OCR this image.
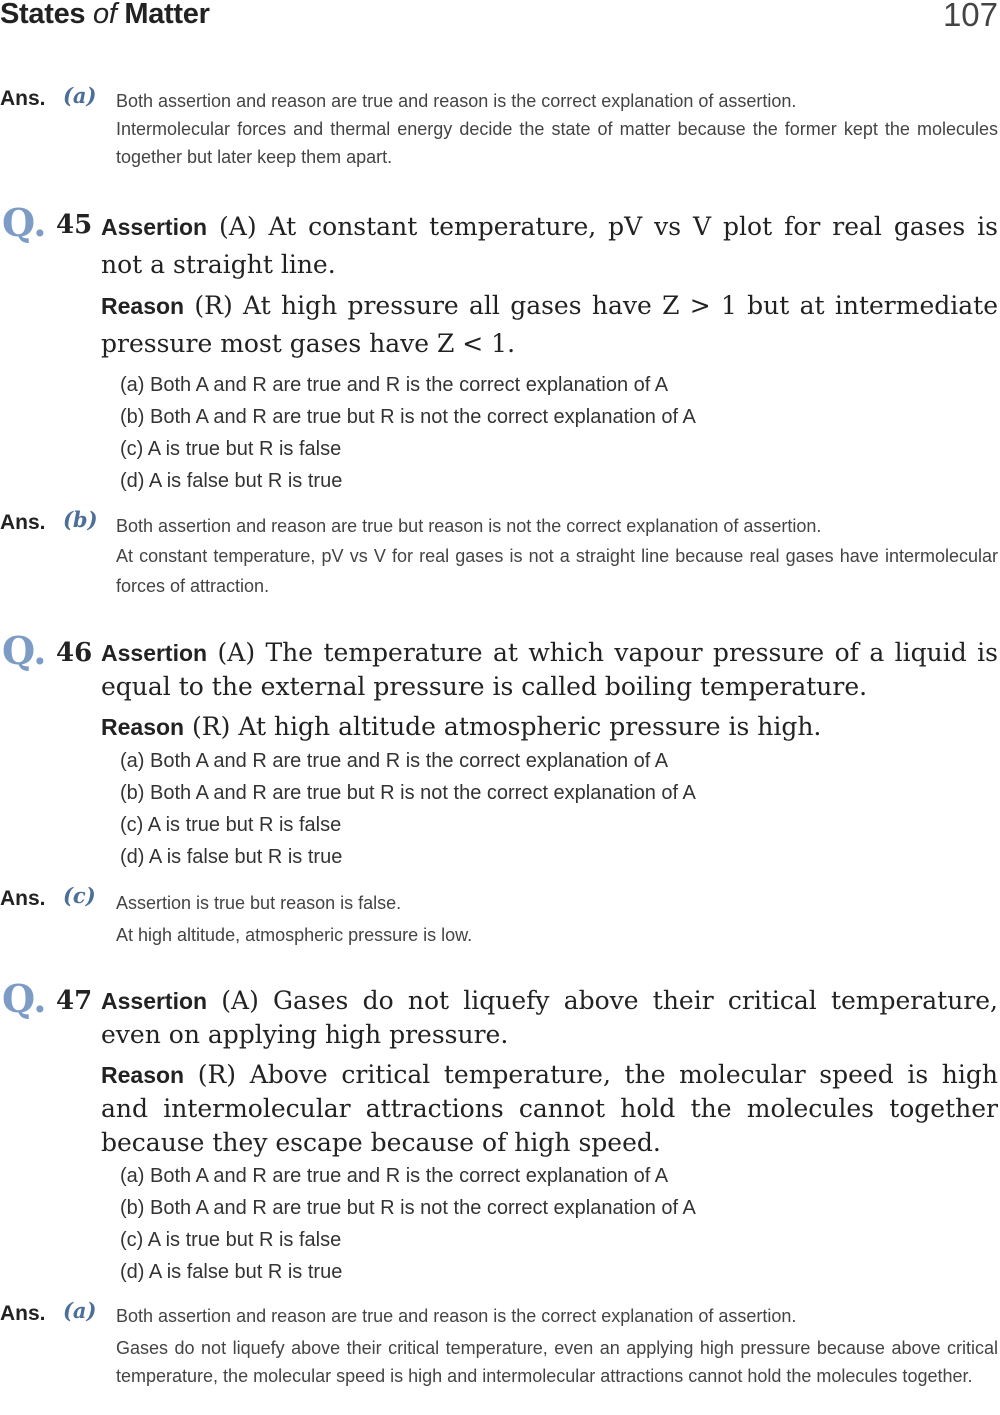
States of Matter	107
Ans. (a) Both assertion and reason are true and reason is the correct explanation of assertion.

Intermolecular forces and thermal energy decide the state of matter because the former kept the molecules together but later keep them apart.

Q. 45 Assertion (A) At constant temperature, pV vs V plot for real gases is not a straight line.

Reason (R) At high pressure all gases have Z > 1 but at intermediate pressure most gases have Z < 1.

(a) Both A and R are true and R is the correct explanation of A
(b) Both A and R are true but R is not the correct explanation of A
(c) A is true but R is false
(d) A is false but R is true
Ans. (b) Both assertion and reason are true but reason is not the correct explanation of assertion.

At constant temperature, pV vs V for real gases is not a straight line because real gases have intermolecular forces of attraction.

Q. 46 Assertion (A) The temperature at which vapour pressure of a liquid is equal to the external pressure is called boiling temperature.

Reason (R) At high altitude atmospheric pressure is high.

(a) Both A and R are true and R is the correct explanation of A
(b) Both A and R are true but R is not the correct explanation of A
(c) A is true but R is false
(d) A is false but R is true
Ans. (c) Assertion is true but reason is false.

At high altitude, atmospheric pressure is low.

Q. 47 Assertion (A) Gases do not liquefy above their critical temperature, even on applying high pressure.

Reason (R) Above critical temperature, the molecular speed is high and intermolecular attractions cannot hold the molecules together because they escape because of high speed.

(a) Both A and R are true and R is the correct explanation of A
(b) Both A and R are true but R is not the correct explanation of A
(c) A is true but R is false
(d) A is false but R is true
Ans. (a) Both assertion and reason are true and reason is the correct explanation of assertion.

Gases do not liquefy above their critical temperature, even an applying high pressure because above critical temperature, the molecular speed is high and intermolecular attractions cannot hold the molecules together.
